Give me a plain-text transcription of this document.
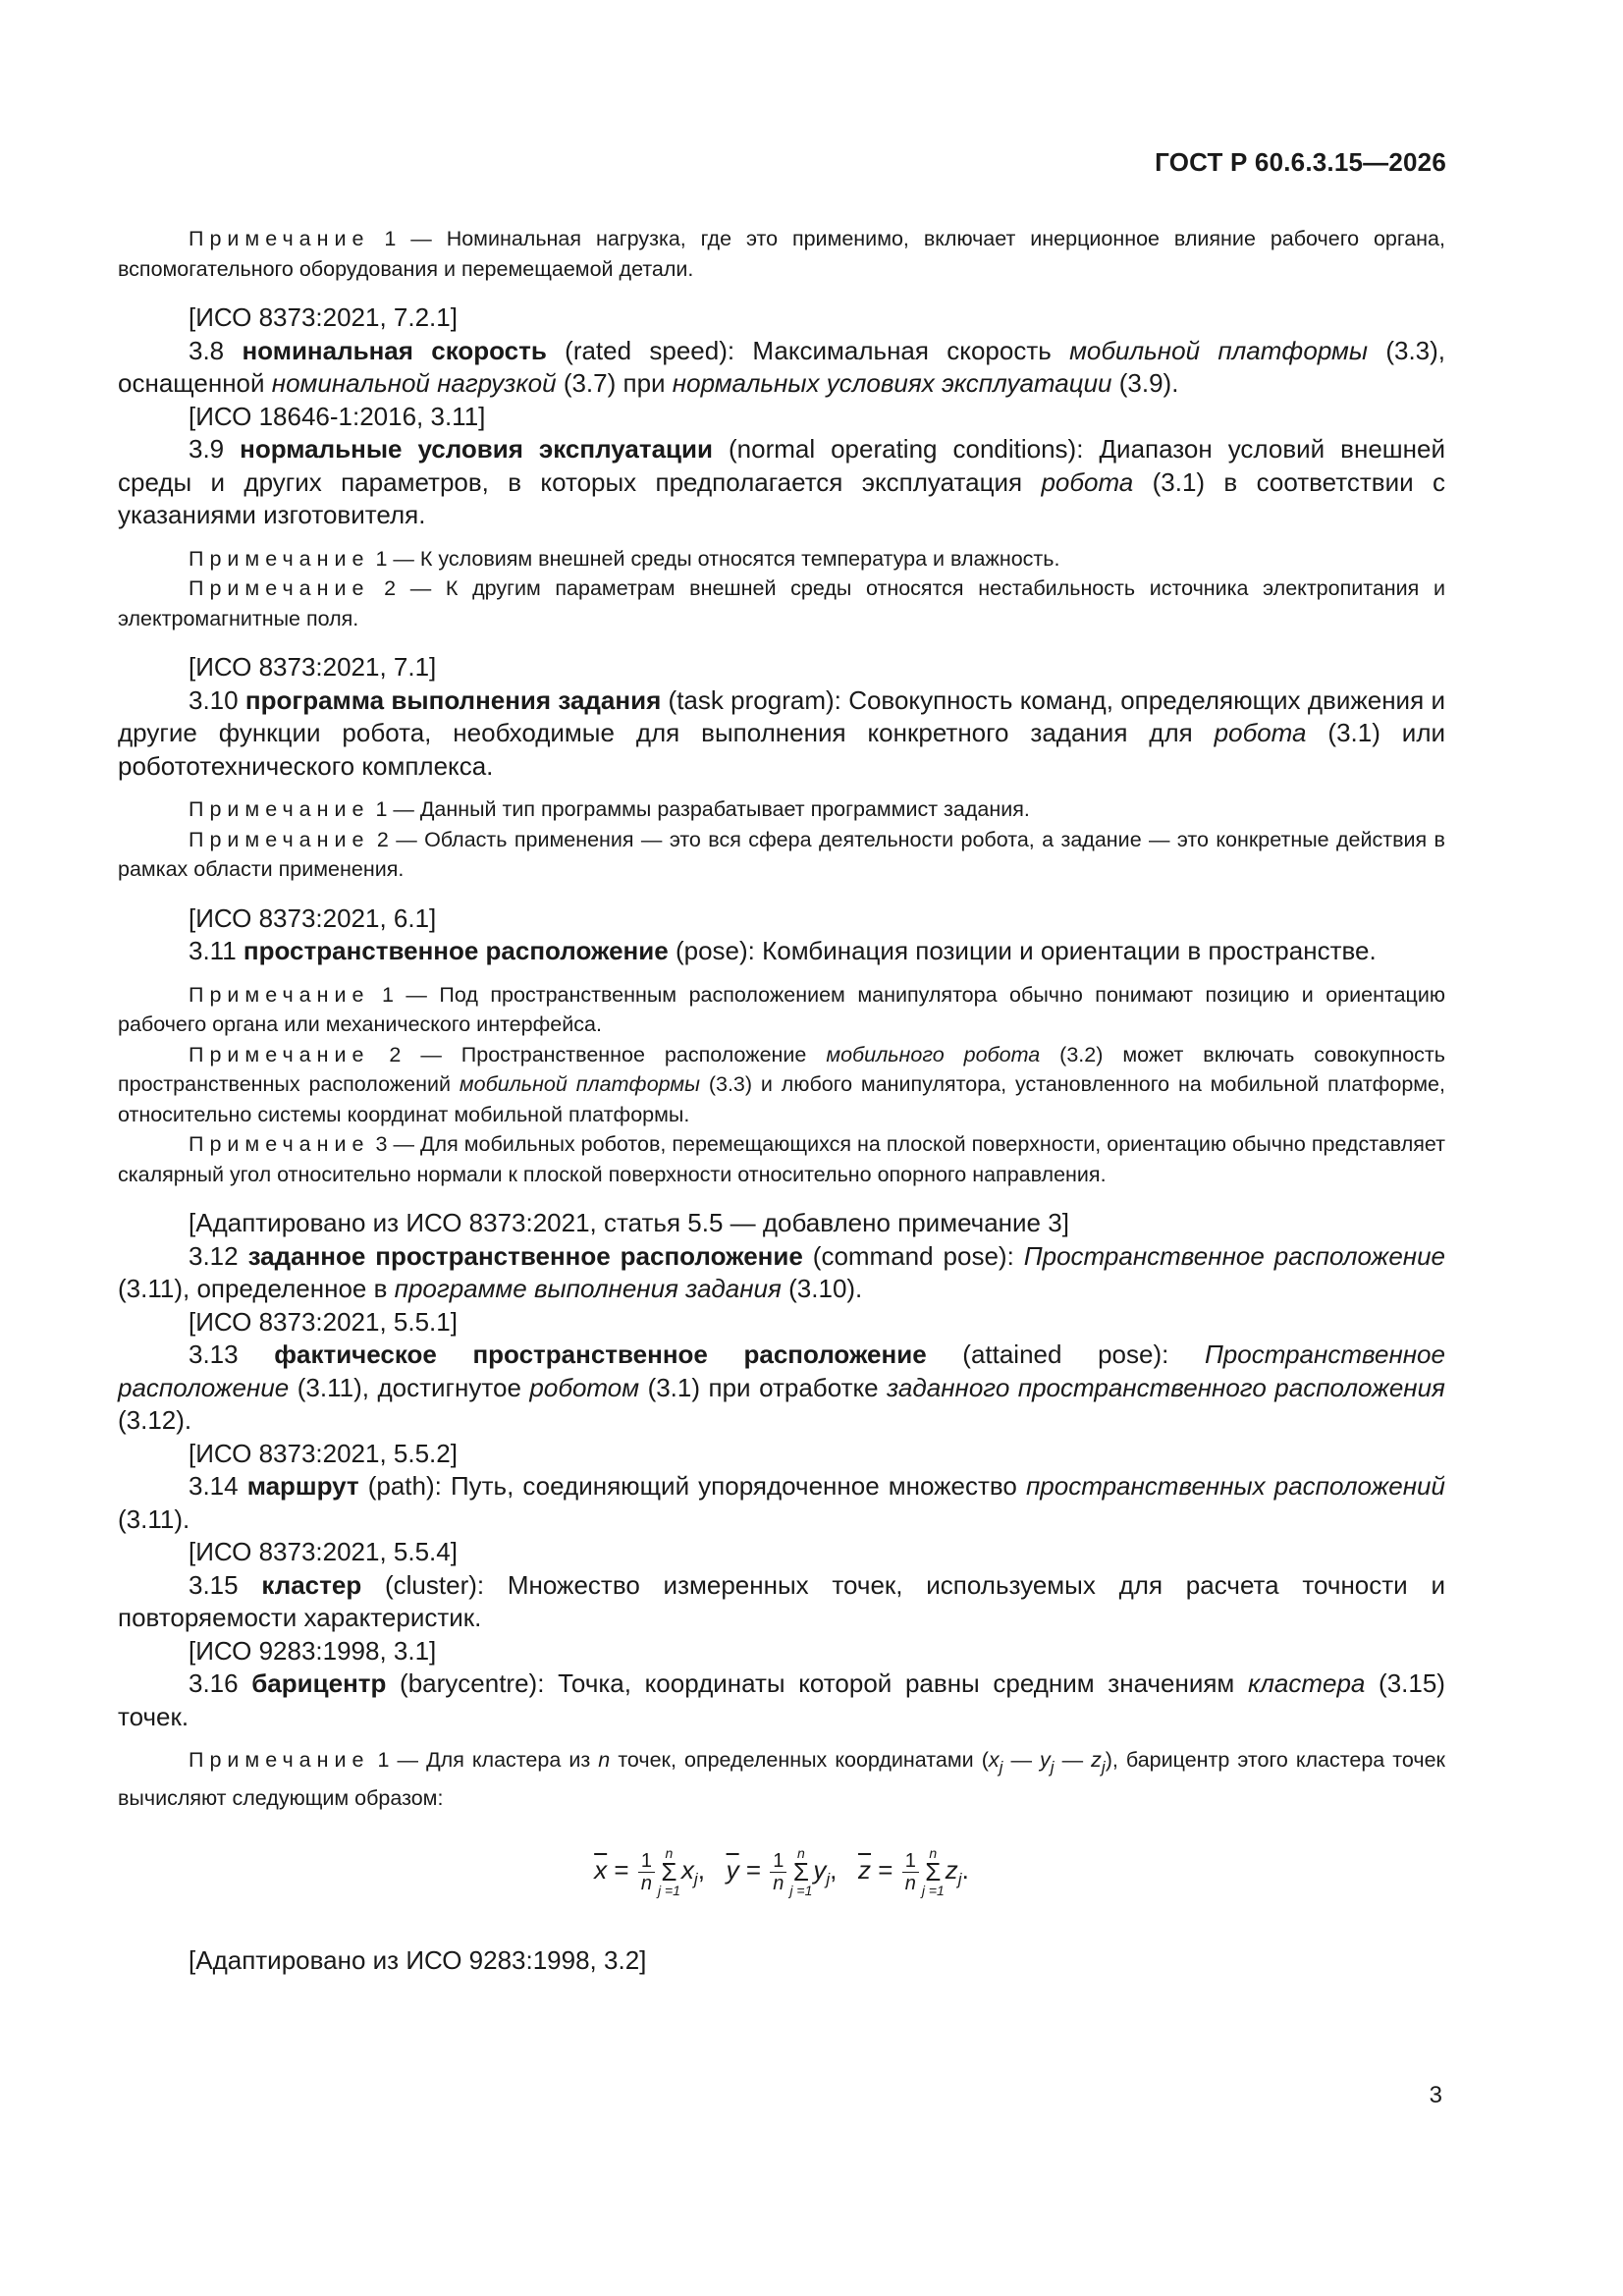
ГОСТ Р 60.6.3.15—2026

Примечание 1 — Номинальная нагрузка, где это применимо, включает инерционное влияние рабочего органа, вспомогательного оборудования и перемещаемой детали.

[ИСО 8373:2021, 7.2.1]

3.8 номинальная скорость (rated speed): Максимальная скорость мобильной платформы (3.3), оснащенной номинальной нагрузкой (3.7) при нормальных условиях эксплуатации (3.9).

[ИСО 18646-1:2016, 3.11]

3.9 нормальные условия эксплуатации (normal operating conditions): Диапазон условий внешней среды и других параметров, в которых предполагается эксплуатация робота (3.1) в соответствии с указаниями изготовителя.

Примечание 1 — К условиям внешней среды относятся температура и влажность.

Примечание 2 — К другим параметрам внешней среды относятся нестабильность источника электропитания и электромагнитные поля.

[ИСО 8373:2021, 7.1]

3.10 программа выполнения задания (task program): Совокупность команд, определяющих движения и другие функции робота, необходимые для выполнения конкретного задания для робота (3.1) или робототехнического комплекса.

Примечание 1 — Данный тип программы разрабатывает программист задания.

Примечание 2 — Область применения — это вся сфера деятельности робота, а задание — это конкретные действия в рамках области применения.

[ИСО 8373:2021, 6.1]

3.11 пространственное расположение (pose): Комбинация позиции и ориентации в пространстве.

Примечание 1 — Под пространственным расположением манипулятора обычно понимают позицию и ориентацию рабочего органа или механического интерфейса.

Примечание 2 — Пространственное расположение мобильного робота (3.2) может включать совокупность пространственных расположений мобильной платформы (3.3) и любого манипулятора, установленного на мобильной платформе, относительно системы координат мобильной платформы.

Примечание 3 — Для мобильных роботов, перемещающихся на плоской поверхности, ориентацию обычно представляет скалярный угол относительно нормали к плоской поверхности относительно опорного направления.

[Адаптировано из ИСО 8373:2021, статья 5.5 — добавлено примечание 3]

3.12 заданное пространственное расположение (command pose): Пространственное расположение (3.11), определенное в программе выполнения задания (3.10).

[ИСО 8373:2021, 5.5.1]

3.13 фактическое пространственное расположение (attained pose): Пространственное расположение (3.11), достигнутое роботом (3.1) при отработке заданного пространственного расположения (3.12).

[ИСО 8373:2021, 5.5.2]

3.14 маршрут (path): Путь, соединяющий упорядоченное множество пространственных расположений (3.11).

[ИСО 8373:2021, 5.5.4]

3.15 кластер (cluster): Множество измеренных точек, используемых для расчета точности и повторяемости характеристик.

[ИСО 9283:1998, 3.1]

3.16 барицентр (barycentre): Точка, координаты которой равны средним значениям кластера (3.15) точек.

Примечание 1 — Для кластера из n точек, определенных координатами ($x_j$ — $y_j$ — $z_j$), барицентр этого кластера точек вычисляют следующим образом:

$\overline{x} = \frac{1}{n}$ n
Σ
$j =1x_j$, $\overline{y} = \frac{1}{n}$ n
Σ
$j =1y_j$, $\overline{z} = \frac{1}{n}$ n
Σ
$j =1z_j$.

[Адаптировано из ИСО 9283:1998, 3.2]

3
